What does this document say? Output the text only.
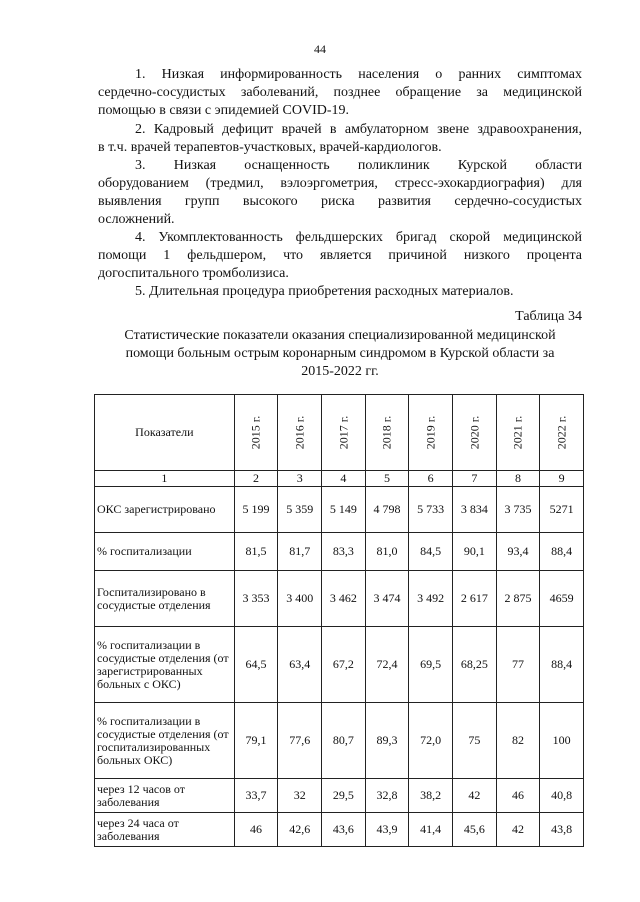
44
1. Низкая информированность населения о ранних симптомах
сердечно-сосудистых заболеваний, позднее обращение за медицинской
помощью в связи с эпидемией COVID-19.
2. Кадровый дефицит врачей в амбулаторном звене здравоохранения,
в т.ч. врачей терапевтов-участковых, врачей-кардиологов.
3. Низкая оснащенность поликлиник Курской области
оборудованием (тредмил, вэлоэргометрия, стресс-эхокардиография) для
выявления групп высокого риска развития сердечно-сосудистых
осложнений.
4. Укомплектованность фельдшерских бригад скорой медицинской
помощи 1 фельдшером, что является причиной низкого процента
догоспитального тромболизиса.
5. Длительная процедура приобретения расходных материалов.
Таблица 34
Статистические показатели оказания специализированной медицинской
помощи больным острым коронарным синдромом в Курской области за
2015-2022 гг.
Показатели	2015 г.	2016 г.	2017 г.	2018 г.	2019 г.	2020 г.	2021 г.	2022 г.
1	2	3	4	5	6	7	8	9
ОКС зарегистрировано	5 199	5 359	5 149	4 798	5 733	3 834	3 735	5271
% госпитализации	81,5	81,7	83,3	81,0	84,5	90,1	93,4	88,4
Госпитализировано в сосудистые отделения	3 353	3 400	3 462	3 474	3 492	2 617	2 875	4659
% госпитализации в сосудистые отделения (от зарегистрированных больных с ОКС)	64,5	63,4	67,2	72,4	69,5	68,25	77	88,4
% госпитализации в сосудистые отделения (от госпитализированных больных ОКС)	79,1	77,6	80,7	89,3	72,0	75	82	100
через 12 часов от заболевания	33,7	32	29,5	32,8	38,2	42	46	40,8
через 24 часа от заболевания	46	42,6	43,6	43,9	41,4	45,6	42	43,8
